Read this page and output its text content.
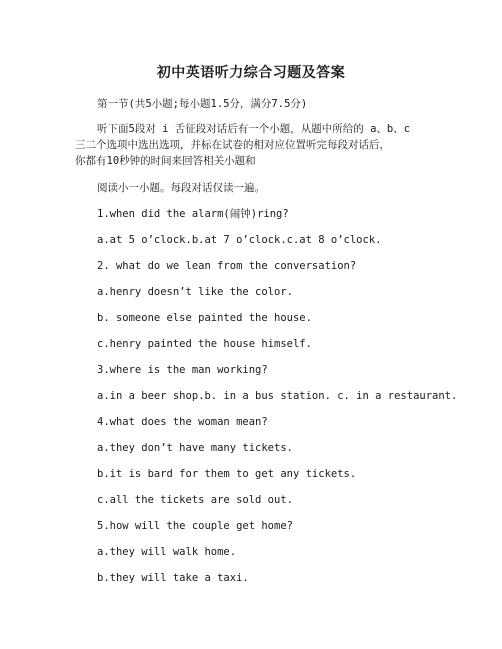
初中英语听力综合习题及答案
第一节(共5小题;每小题1.5分，满分7.5分)
听下面5段对 i 舌征段对话后有一个小题，从题中所给的 a、b、c
三二个选项中选出选项，并标在试卷的相对应位置听完每段对话后，
你都有10秒钟的时间来回答相关小题和
阅读小一小题。每段对话仅读一遍。
1.when did the alarm(闹钟)ring?
a.at 5 o’clock.b.at 7 o’clock.c.at 8 o’clock.
2. what do we lean from the conversation?
a.henry doesn’t like the color.
b. someone else painted the house.
c.henry painted the house himself.
3.where is the man working?
a.in a beer shop.b. in a bus station. c. in a restaurant.
4.what does the woman mean?
a.they don’t have many tickets.
b.it is bard for them to get any tickets.
c.all the tickets are sold out.
5.how will the couple get home?
a.they will walk home.
b.they will take a taxi.
